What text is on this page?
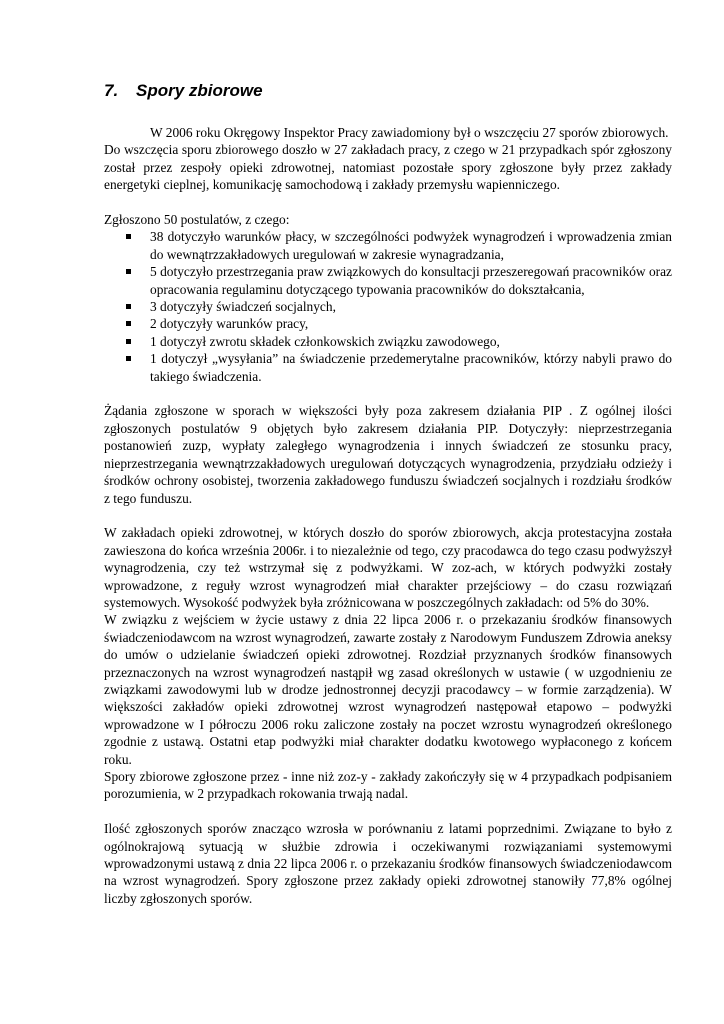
7. Spory zbiorowe

W 2006 roku Okręgowy Inspektor Pracy zawiadomiony był o wszczęciu 27 sporów zbiorowych.

Do wszczęcia sporu zbiorowego doszło w 27 zakładach pracy, z czego w 21 przypadkach spór zgłoszony został przez zespoły opieki zdrowotnej, natomiast pozostałe spory zgłoszone były przez zakłady energetyki cieplnej, komunikację samochodową i zakłady przemysłu wapienniczego.

Zgłoszono 50 postulatów, z czego:

38 dotyczyło warunków płacy, w szczególności podwyżek wynagrodzeń i wprowadzenia zmian do wewnątrzzakładowych uregulowań w zakresie wynagradzania,
5 dotyczyło przestrzegania praw związkowych do konsultacji przeszeregowań pracowników oraz opracowania regulaminu dotyczącego typowania pracowników do dokształcania,
3 dotyczyły świadczeń socjalnych,
2 dotyczyły warunków pracy,
1 dotyczył zwrotu składek członkowskich związku zawodowego,
1 dotyczył „wysyłania” na świadczenie przedemerytalne pracowników, którzy nabyli prawo do takiego świadczenia.

Żądania zgłoszone w sporach w większości były poza zakresem działania PIP . Z ogólnej ilości zgłoszonych postulatów 9 objętych było zakresem działania PIP. Dotyczyły: nieprzestrzegania postanowień zuzp, wypłaty zaległego wynagrodzenia i innych świadczeń ze stosunku pracy, nieprzestrzegania wewnątrzzakładowych uregulowań dotyczących wynagrodzenia, przydziału odzieży i środków ochrony osobistej, tworzenia zakładowego funduszu świadczeń socjalnych i rozdziału środków z tego funduszu.

W zakładach opieki zdrowotnej, w których doszło do sporów zbiorowych, akcja protestacyjna została zawieszona do końca września 2006r. i to niezależnie od tego, czy pracodawca do tego czasu podwyższył wynagrodzenia, czy też wstrzymał się z podwyżkami. W zoz-ach, w których podwyżki zostały wprowadzone, z reguły wzrost wynagrodzeń miał charakter przejściowy – do czasu rozwiązań systemowych. Wysokość podwyżek była zróżnicowana w poszczególnych zakładach: od 5% do 30%.

W związku z wejściem w życie ustawy z dnia 22 lipca 2006 r. o przekazaniu środków finansowych świadczeniodawcom na wzrost wynagrodzeń, zawarte zostały z Narodowym Funduszem Zdrowia aneksy do umów o udzielanie świadczeń opieki zdrowotnej. Rozdział przyznanych środków finansowych przeznaczonych na wzrost wynagrodzeń nastąpił wg zasad określonych w ustawie ( w uzgodnieniu ze związkami zawodowymi lub w drodze jednostronnej decyzji pracodawcy – w formie zarządzenia). W większości zakładów opieki zdrowotnej wzrost wynagrodzeń następował etapowo – podwyżki wprowadzone w I półroczu 2006 roku zaliczone zostały na poczet wzrostu wynagrodzeń określonego zgodnie z ustawą. Ostatni etap podwyżki miał charakter dodatku kwotowego wypłaconego z końcem roku.

Spory zbiorowe zgłoszone przez - inne niż zoz-y - zakłady zakończyły się w 4 przypadkach podpisaniem porozumienia, w 2 przypadkach rokowania trwają nadal.

Ilość zgłoszonych sporów znacząco wzrosła w porównaniu z latami poprzednimi. Związane to było z ogólnokrajową sytuacją w służbie zdrowia i oczekiwanymi rozwiązaniami systemowymi wprowadzonymi ustawą z dnia 22 lipca 2006 r. o przekazaniu środków finansowych świadczeniodawcom na wzrost wynagrodzeń. Spory zgłoszone przez zakłady opieki zdrowotnej stanowiły 77,8% ogólnej liczby zgłoszonych sporów.
